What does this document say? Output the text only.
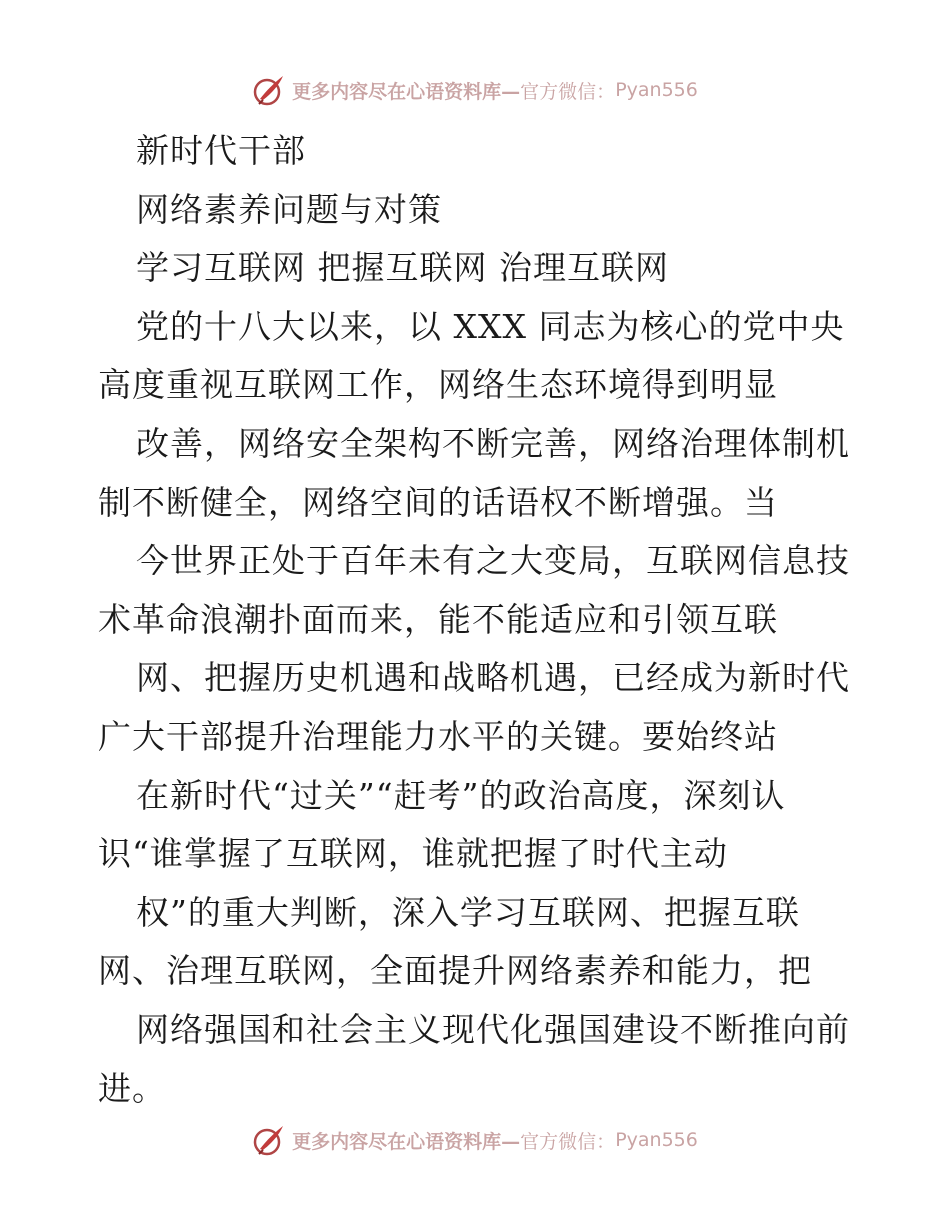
更多内容尽在心语资料库— 官方微信： Pyan556
新时代干部
网络素养问题与对策
学习互联网 把握互联网 治理互联网
党的十八大以来，以 XXX 同志为核心的党中央
高度重视互联网工作，网络生态环境得到明显
改善，网络安全架构不断完善，网络治理体制机
制不断健全，网络空间的话语权不断增强。当
今世界正处于百年未有之大变局，互联网信息技
术革命浪潮扑面而来，能不能适应和引领互联
网、把握历史机遇和战略机遇，已经成为新时代
广大干部提升治理能力水平的关键。要始终站
在新时代“过关”“赶考”的政治高度，深刻认
识“谁掌握了互联网，谁就把握了时代主动
权”的重大判断，深入学习互联网、把握互联
网、治理互联网，全面提升网络素养和能力，把
网络强国和社会主义现代化强国建设不断推向前
进。
更多内容尽在心语资料库— 官方微信： Pyan556
